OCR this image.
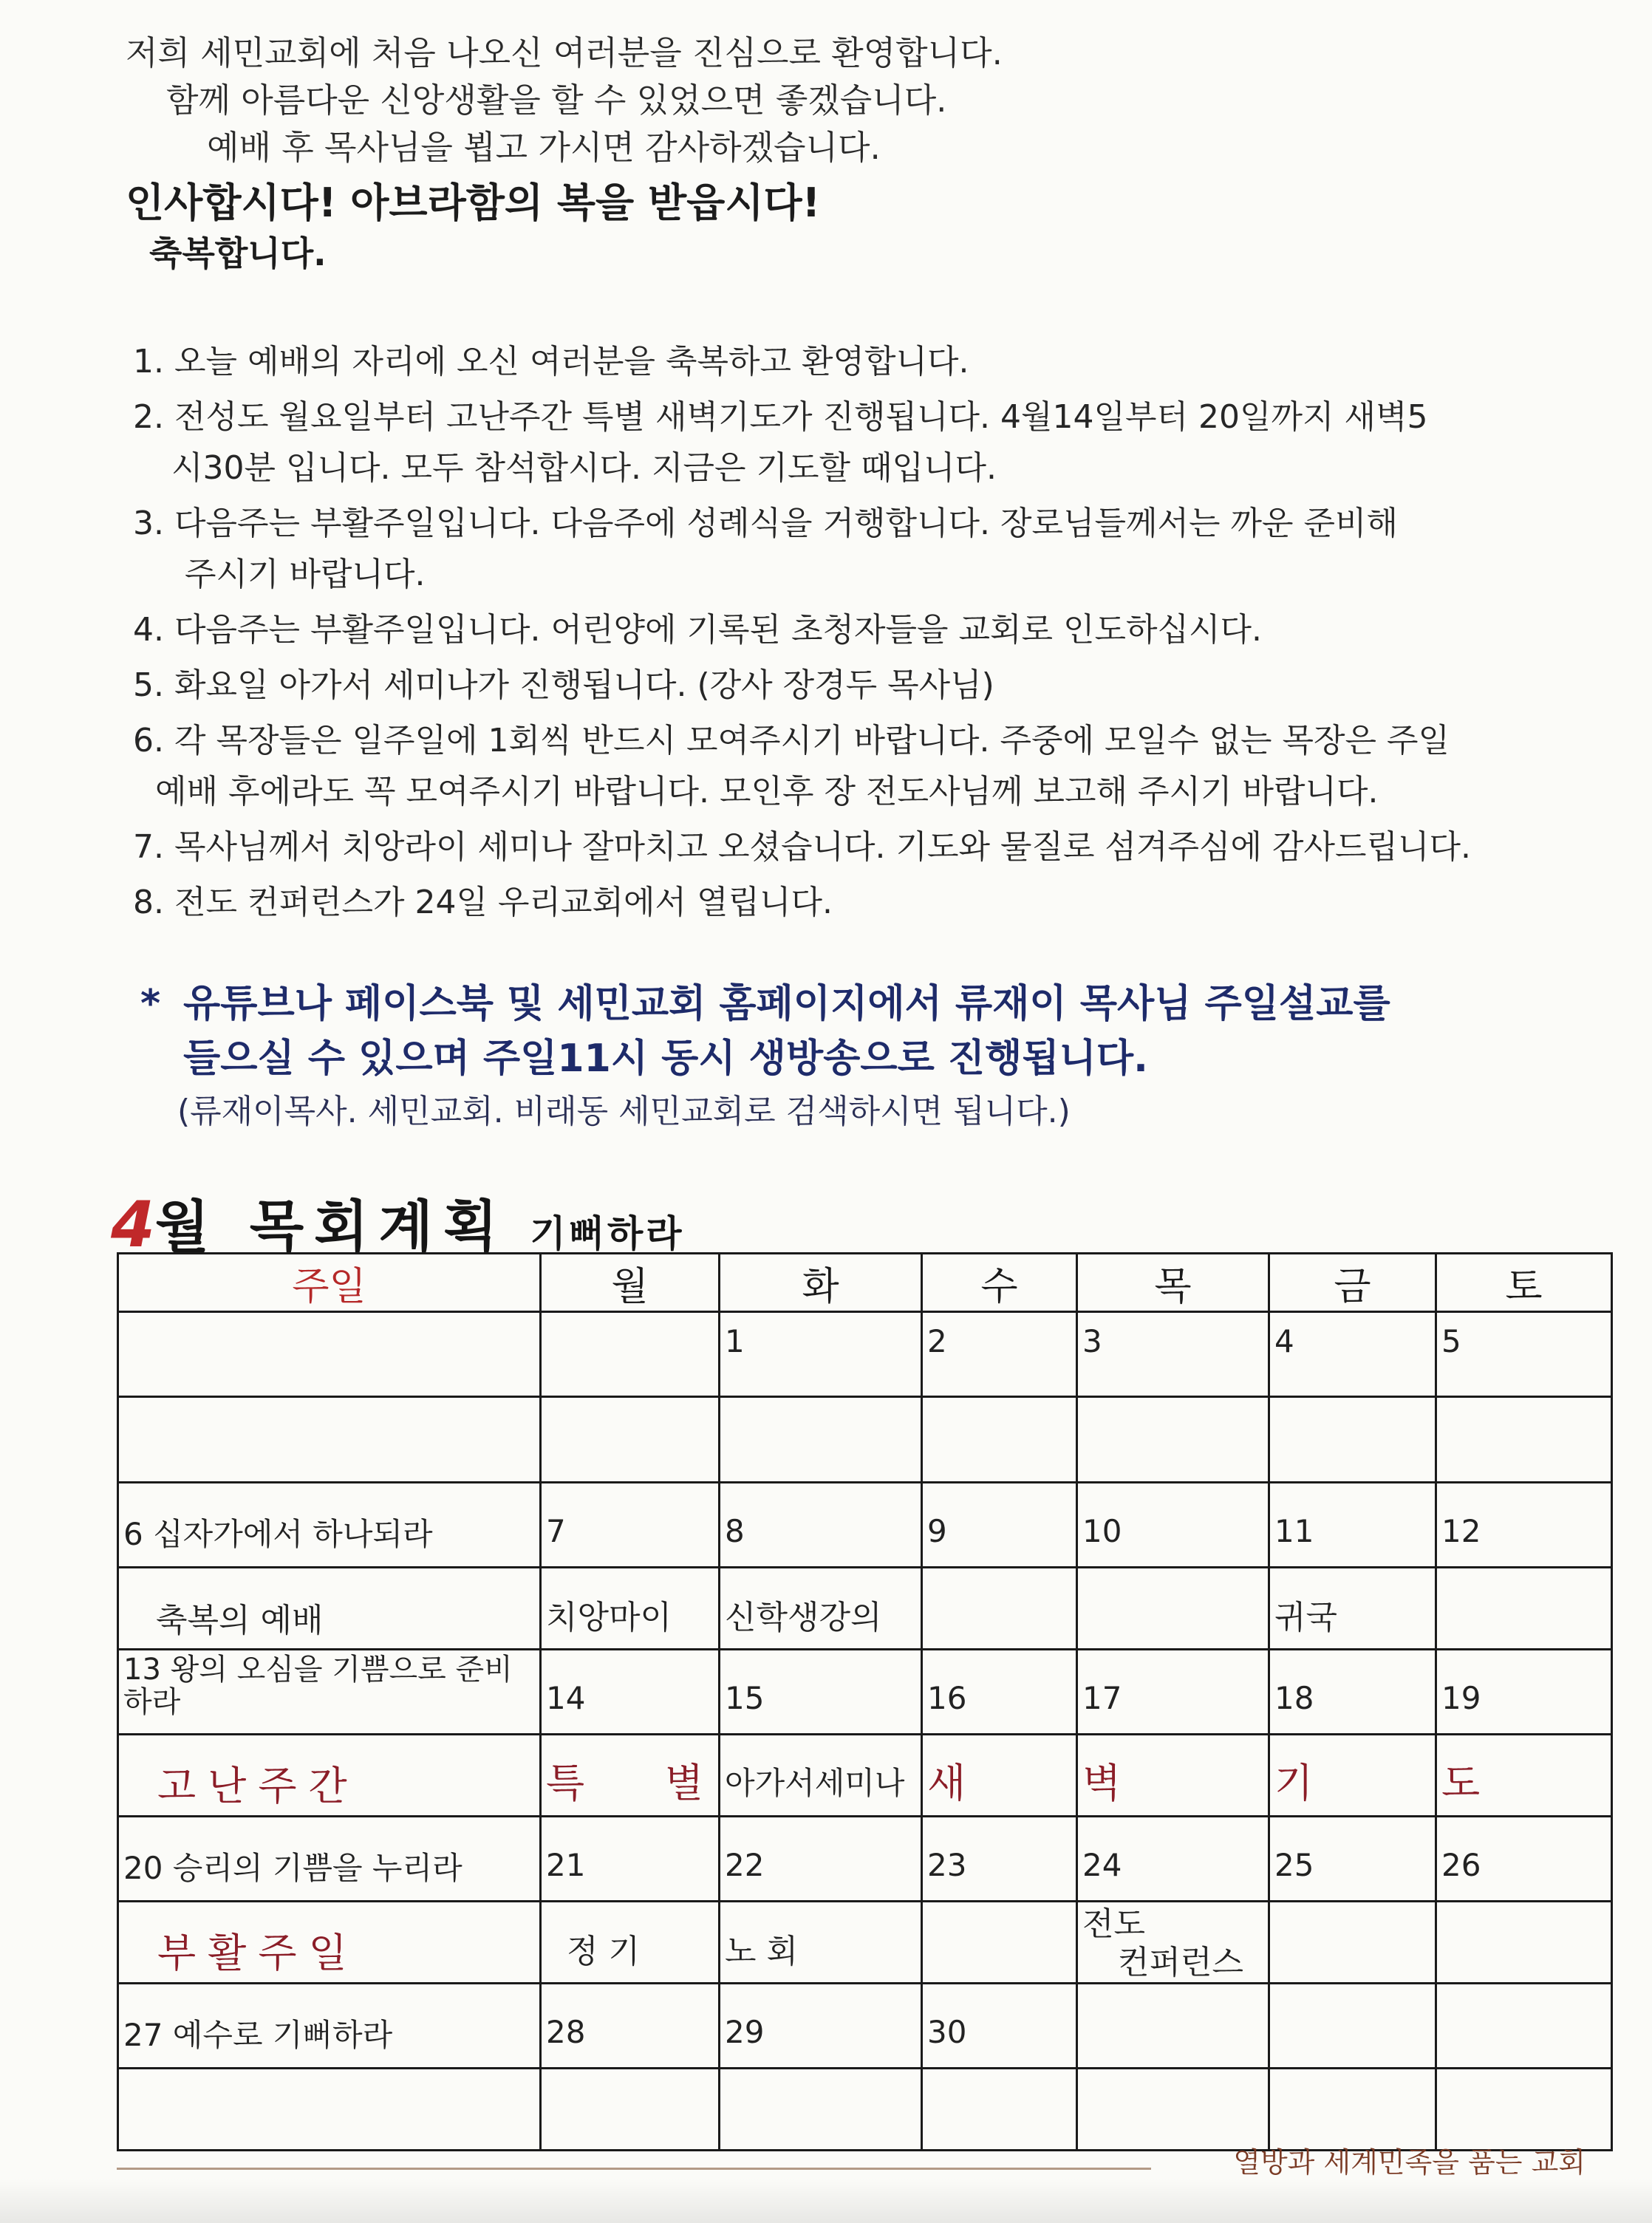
저희 세민교회에 처음 나오신 여러분을 진심으로 환영합니다.
함께 아름다운 신앙생활을 할 수 있었으면 좋겠습니다.
예배 후 목사님을 뵙고 가시면 감사하겠습니다.
인사합시다! 아브라함의 복을 받읍시다!
축복합니다.
1. 오늘 예배의 자리에 오신 여러분을 축복하고 환영합니다.
2. 전성도 월요일부터 고난주간 특별 새벽기도가 진행됩니다. 4월14일부터 20일까지 새벽5
시30분 입니다. 모두 참석합시다. 지금은 기도할 때입니다.
3. 다음주는 부활주일입니다. 다음주에 성례식을 거행합니다. 장로님들께서는 까운 준비해
주시기 바랍니다.
4. 다음주는 부활주일입니다. 어린양에 기록된 초청자들을 교회로 인도하십시다.
5. 화요일 아가서 세미나가 진행됩니다. (강사 장경두 목사님)
6. 각 목장들은 일주일에 1회씩 반드시 모여주시기 바랍니다. 주중에 모일수 없는 목장은 주일
예배 후에라도 꼭 모여주시기 바랍니다. 모인후 장 전도사님께 보고해 주시기 바랍니다.
7. 목사님께서 치앙라이 세미나 잘마치고 오셨습니다. 기도와 물질로 섬겨주심에 감사드립니다.
8. 전도 컨퍼런스가 24일 우리교회에서 열립니다.
* 유튜브나 페이스북 및 세민교회 홈페이지에서 류재이 목사님 주일설교를
들으실 수 있으며 주일11시 동시 생방송으로 진행됩니다.
(류재이목사. 세민교회. 비래동 세민교회로 검색하시면 됩니다.)
4월 목회계획 기뻐하라
주일	월	화	수	목	금	토

		1	2	3	4	5

6 십자가에서 하나되라	7	8	9	10	11	12

축복의 예배	치앙마이	신학생강의			귀국	

13 왕의 오심을 기쁨으로 준비하라	14	15	16	17	18	19

고난주간	특 별	아가서세미나	새	벽	기	도

20 승리의 기쁨을 누리라	21	22	23	24	25	26

부활주일	정 기	노 회		전도
컨퍼런스		

27 예수로 기뻐하라	28	29	30			

열방과 세계민족을 품는 교회
